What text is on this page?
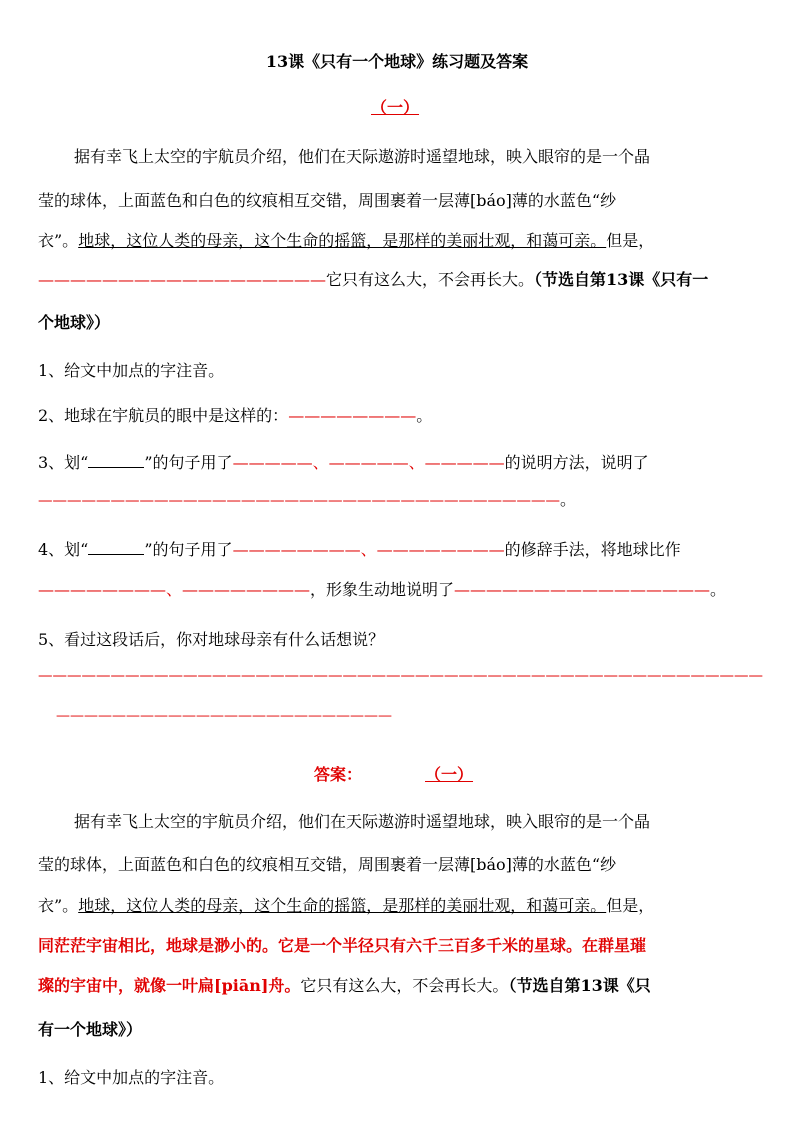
13课《只有一个地球》练习题及答案
（一）
据有幸飞上太空的宇航员介绍，他们在天际遨游时遥望地球，映入眼帘的是一个晶
莹的球体，上面蓝色和白色的纹痕相互交错，周围裹着一层薄[báo]薄的水蓝色“纱
衣”。地球，这位人类的母亲，这个生命的摇篮，是那样的美丽壮观，和蔼可亲。但是，
——————————————————它只有这么大，不会再长大。（节选自第13课《只有一
个地球》）
1、给文中加点的字注音。
2、地球在宇航员的眼中是这样的：————————。
3、划“	”的句子用了—————、—————、—————的说明方法，说明了
————————————————————————————————————。
4、划“	”的句子用了————————、————————的修辞手法，将地球比作
————————、————————，形象生动地说明了————————————————。
5、看过这段话后，你对地球母亲有什么话想说？
——————————————————————————————————————————————————
————————————————————————
答案：	（一）
据有幸飞上太空的宇航员介绍，他们在天际遨游时遥望地球，映入眼帘的是一个晶
莹的球体，上面蓝色和白色的纹痕相互交错，周围裹着一层薄[báo]薄的水蓝色“纱
衣”。地球，这位人类的母亲，这个生命的摇篮，是那样的美丽壮观，和蔼可亲。但是，
同茫茫宇宙相比，地球是渺小的。它是一个半径只有六千三百多千米的星球。在群星璀
璨的宇宙中，就像一叶扁[piān]舟。它只有这么大，不会再长大。（节选自第13课《只
有一个地球》）
1、给文中加点的字注音。
